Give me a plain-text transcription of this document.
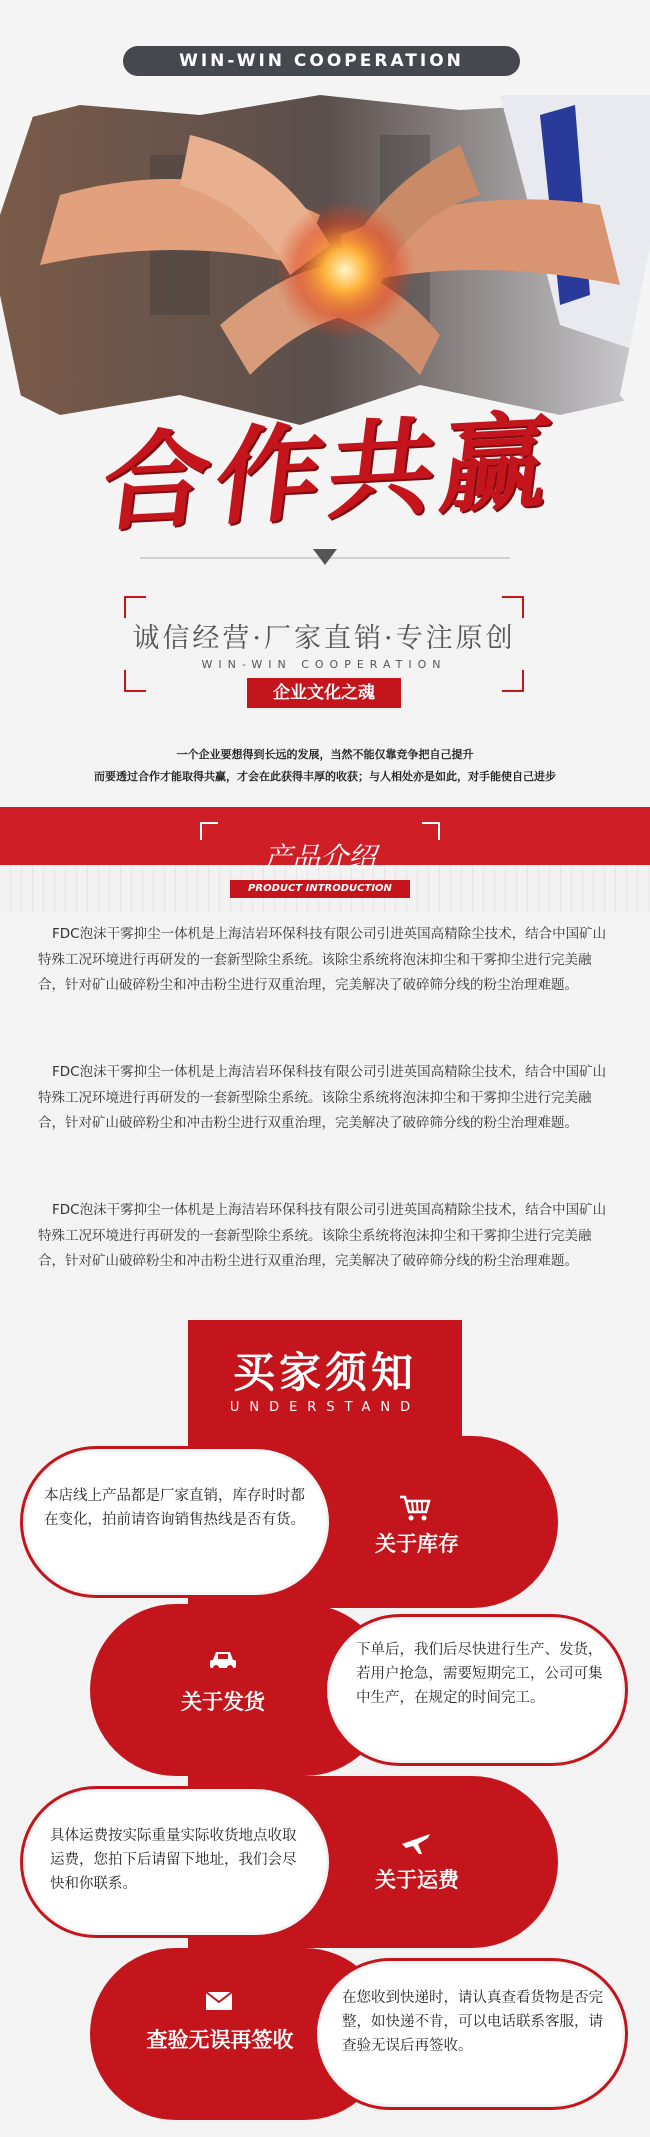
WIN-WIN COOPERATION
合作共赢
诚信经营·厂家直销·专注原创
WIN-WIN COOPERATION
企业文化之魂
一个企业要想得到长远的发展，当然不能仅靠竞争把自己提升
而要透过合作才能取得共赢，才会在此获得丰厚的收获；与人相处亦是如此，对手能使自己进步
产品介绍
PRODUCT INTRODUCTION

FDC泡沫干雾抑尘一体机是上海洁岩环保科技有限公司引进英国高精除尘技术，结合中国矿山特殊工况环境进行再研发的一套新型除尘系统。该除尘系统将泡沫抑尘和干雾抑尘进行完美融合，针对矿山破碎粉尘和冲击粉尘进行双重治理，完美解决了破碎筛分线的粉尘治理难题。

FDC泡沫干雾抑尘一体机是上海洁岩环保科技有限公司引进英国高精除尘技术，结合中国矿山特殊工况环境进行再研发的一套新型除尘系统。该除尘系统将泡沫抑尘和干雾抑尘进行完美融合，针对矿山破碎粉尘和冲击粉尘进行双重治理，完美解决了破碎筛分线的粉尘治理难题。

FDC泡沫干雾抑尘一体机是上海洁岩环保科技有限公司引进英国高精除尘技术，结合中国矿山特殊工况环境进行再研发的一套新型除尘系统。该除尘系统将泡沫抑尘和干雾抑尘进行完美融合，针对矿山破碎粉尘和冲击粉尘进行双重治理，完美解决了破碎筛分线的粉尘治理难题。

买家须知
UNDERSTAND
本店线上产品都是厂家直销，库存时时都在变化，拍前请咨询销售热线是否有货。
关于库存
下单后，我们后尽快进行生产、发货，若用户抢急，需要短期完工，公司可集中生产，在规定的时间完工。
关于发货
具体运费按实际重量实际收货地点收取运费，您拍下后请留下地址，我们会尽快和你联系。	关于运费
在您收到快递时，请认真查看货物是否完整，如快递不肯，可以电话联系客服，请查验无误后再签收。
查验无误再签收
